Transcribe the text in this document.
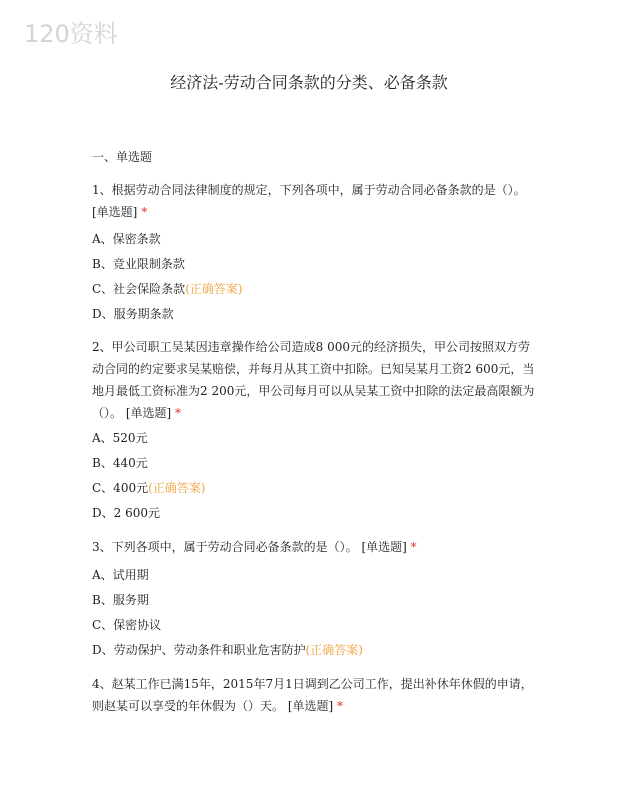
120资料
经济法-劳动合同条款的分类、必备条款
一、单选题
1、根据劳动合同法律制度的规定，下列各项中，属于劳动合同必备条款的是（）。
[单选题] *
A、保密条款
B、竞业限制条款
C、社会保险条款(正确答案)
D、服务期条款
2、甲公司职工吴某因违章操作给公司造成8 000元的经济损失，甲公司按照双方劳动合同的约定要求吴某赔偿，并每月从其工资中扣除。已知吴某月工资2 600元，当地月最低工资标准为2 200元，甲公司每月可以从吴某工资中扣除的法定最高限额为（）。 [单选题] *
A、520元
B、440元
C、400元(正确答案)
D、2 600元
3、下列各项中，属于劳动合同必备条款的是（）。 [单选题] *
A、试用期
B、服务期
C、保密协议
D、劳动保护、劳动条件和职业危害防护(正确答案)
4、赵某工作已满15年，2015年7月1日调到乙公司工作，提出补休年休假的申请，则赵某可以享受的年休假为（）天。 [单选题] *
